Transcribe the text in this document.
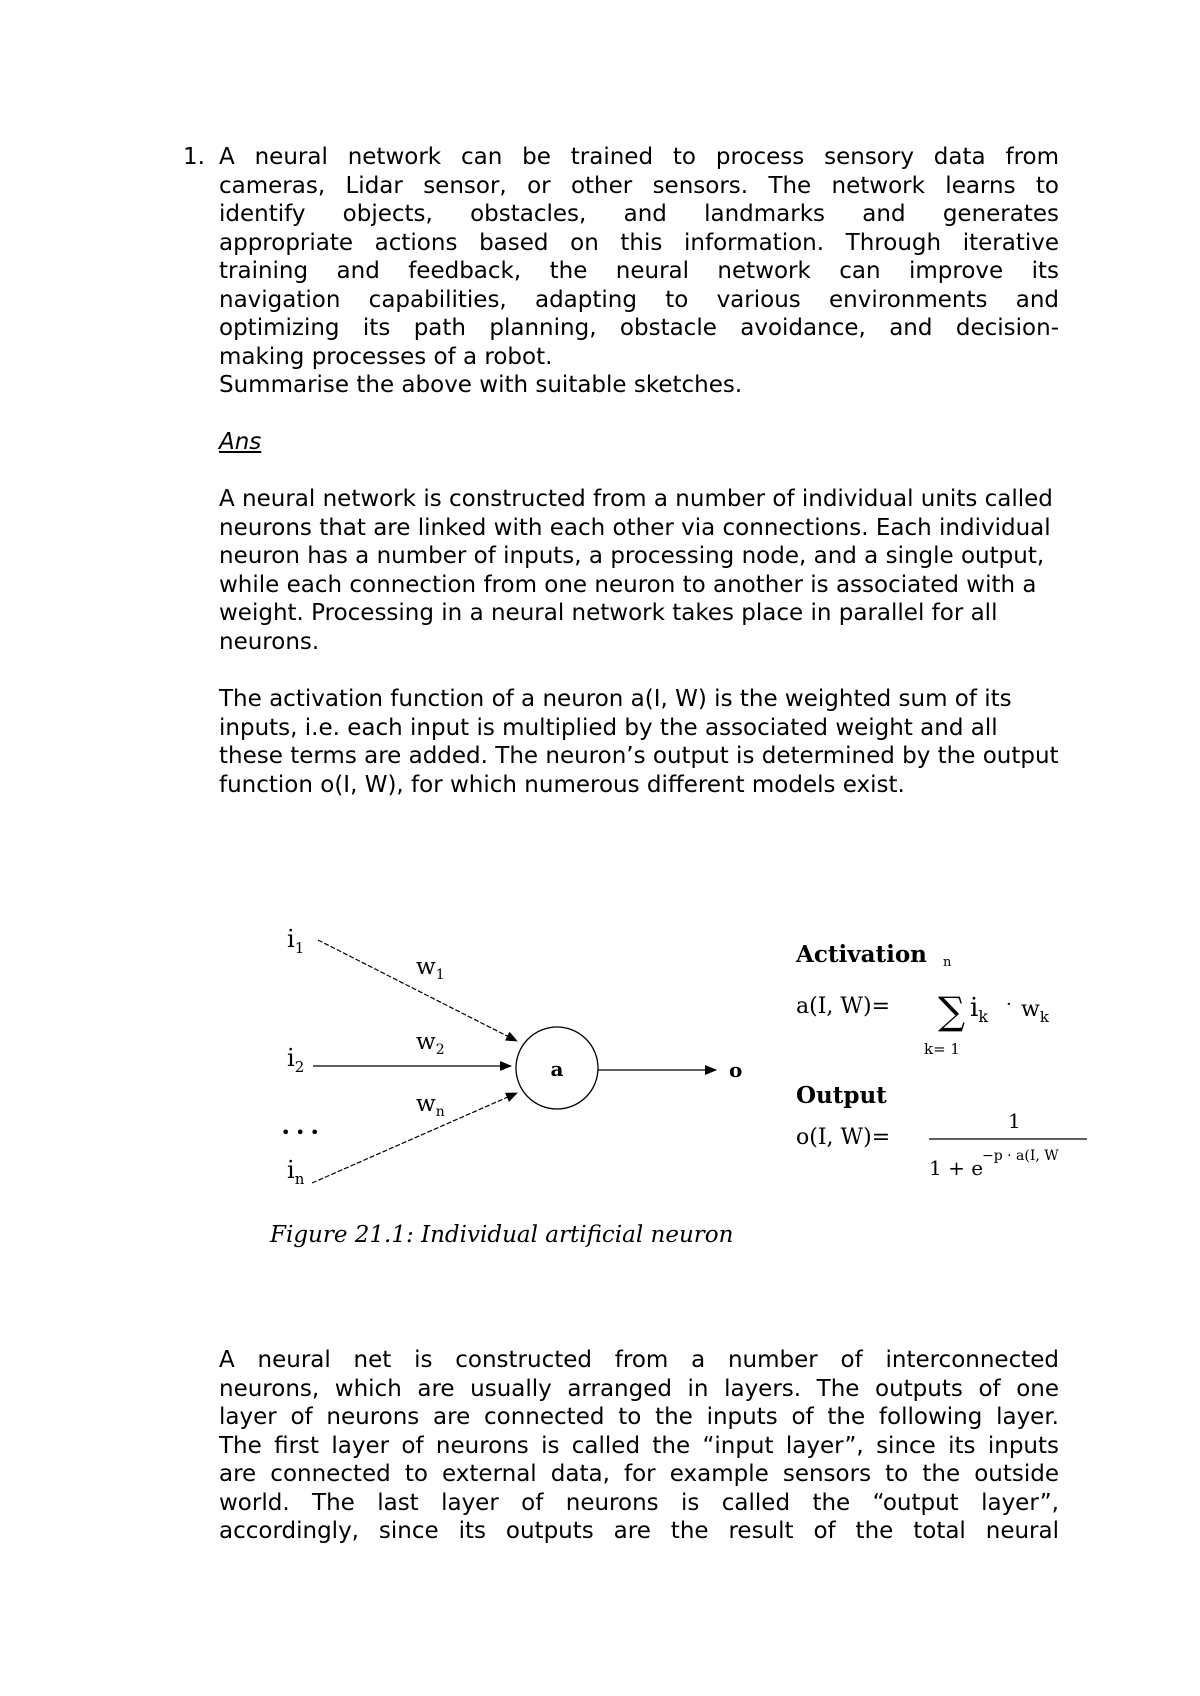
1. A neural network can be trained to process sensory data from
cameras, Lidar sensor, or other sensors. The network learns to
identify objects, obstacles, and landmarks and generates
appropriate actions based on this information. Through iterative
training and feedback, the neural network can improve its
navigation capabilities, adapting to various environments and
optimizing its path planning, obstacle avoidance, and decision-
making processes of a robot.
Summarise the above with suitable sketches.
Ans

A neural network is constructed from a number of individual units called neurons that are linked with each other via connections. Each individual neuron has a number of inputs, a processing node, and a single output, while each connection from one neuron to another is associated with a weight. Processing in a neural network takes place in parallel for all neurons.

The activation function of a neuron a(I, W) is the weighted sum of its inputs, i.e. each input is multiplied by the associated weight and all these terms are added. The neuron’s output is determined by the output function o(I, W), for which numerous different models exist.

$i_1$
$i_2$
• • •
$i_n$
$w_1$
$w_2$
$w_n$
a	o
Activation n
a(I, W)= ∑ $i_k$
· $w_k$
k= 1
Output
o(I, W)=
1
1 + e
−p · a(I, W
Figure 21.1: Individual artificial neuron
A neural net is constructed from a number of interconnected
neurons, which are usually arranged in layers. The outputs of one
layer of neurons are connected to the inputs of the following layer.
The first layer of neurons is called the “input layer”, since its inputs
are connected to external data, for example sensors to the outside
world. The last layer of neurons is called the “output layer”,
accordingly, since its outputs are the result of the total neural
